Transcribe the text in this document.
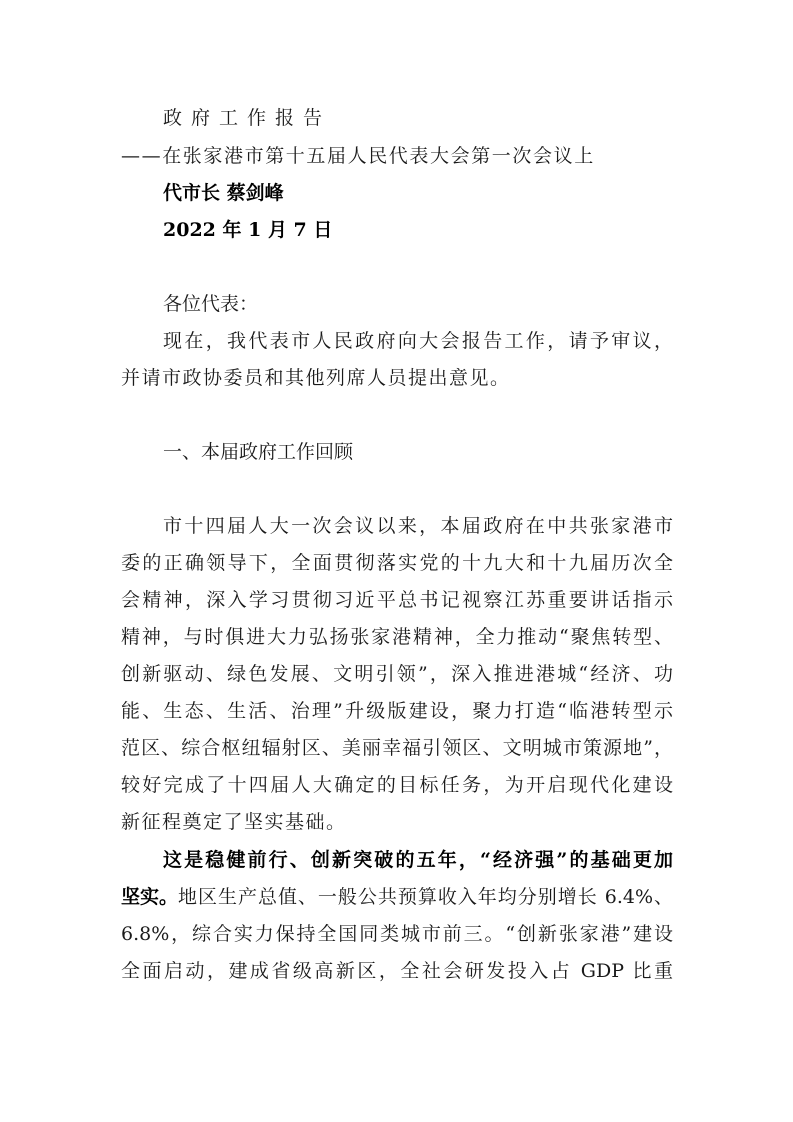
政府工作报告
——在张家港市第十五届人民代表大会第一次会议上
代市长 蔡剑峰
2022 年 1 月 7 日
各位代表：
现在，我代表市人民政府向大会报告工作，请予审议，
并请市政协委员和其他列席人员提出意见。
一、本届政府工作回顾
市十四届人大一次会议以来，本届政府在中共张家港市
委的正确领导下，全面贯彻落实党的十九大和十九届历次全
会精神，深入学习贯彻习近平总书记视察江苏重要讲话指示
精神，与时俱进大力弘扬张家港精神，全力推动“聚焦转型、
创新驱动、绿色发展、文明引领”，深入推进港城“经济、功
能、生态、生活、治理”升级版建设，聚力打造“临港转型示
范区、综合枢纽辐射区、美丽幸福引领区、文明城市策源地”，
较好完成了十四届人大确定的目标任务，为开启现代化建设
新征程奠定了坚实基础。
这是稳健前行、创新突破的五年，“经济强”的基础更加
坚实。 地区生产总值、一般公共预算收入年均分别增长 6.4%、
6.8%，综合实力保持全国同类城市前三。“创新张家港”建设
全面启动，建成省级高新区，全社会研发投入占 GDP 比重
